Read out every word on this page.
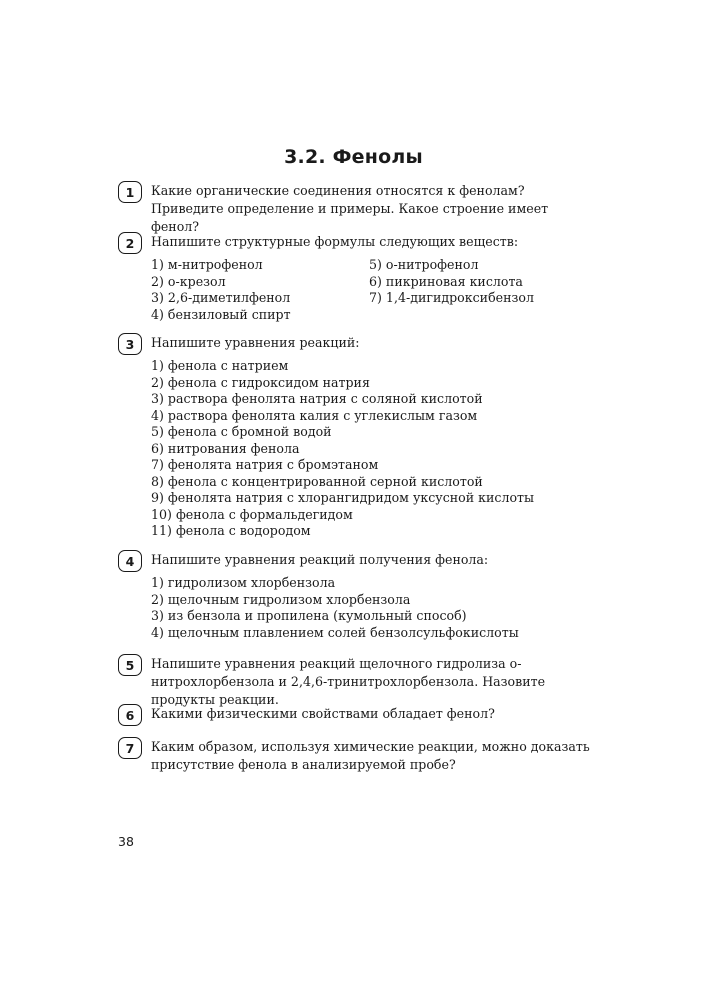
3.2. Фенолы
1	Какие органические соединения относятся к фенолам? Приведите определение и примеры. Какое строение имеет фенол?
2	Напишите структурные формулы следующих веществ:
1) м-нитрофенол
2) о-крезол
3) 2,6-диметилфенол
4) бензиловый спирт
5) о-нитрофенол
6) пикриновая кислота
7) 1,4-дигидроксибензол
3	Напишите уравнения реакций:
1) фенола с натрием
2) фенола с гидроксидом натрия
3) раствора фенолята натрия с соляной кислотой
4) раствора фенолята калия с углекислым газом
5) фенола с бромной водой
6) нитрования фенола
7) фенолята натрия с бромэтаном
8) фенола с концентрированной серной кислотой
9) фенолята натрия с хлорангидридом уксусной кислоты
10) фенола с формальдегидом
11) фенола с водородом
4	Напишите уравнения реакций получения фенола:
1) гидролизом хлорбензола
2) щелочным гидролизом хлорбензола
3) из бензола и пропилена (кумольный способ)
4) щелочным плавлением солей бензолсульфокислоты
5	Напишите уравнения реакций щелочного гидролиза о-нитрохлорбензола и 2,4,6-тринитрохлорбензола. Назовите продукты реакции.
6	Какими физическими свойствами обладает фенол?
7	Каким образом, используя химические реакции, можно доказать присутствие фенола в анализируемой пробе?
38
